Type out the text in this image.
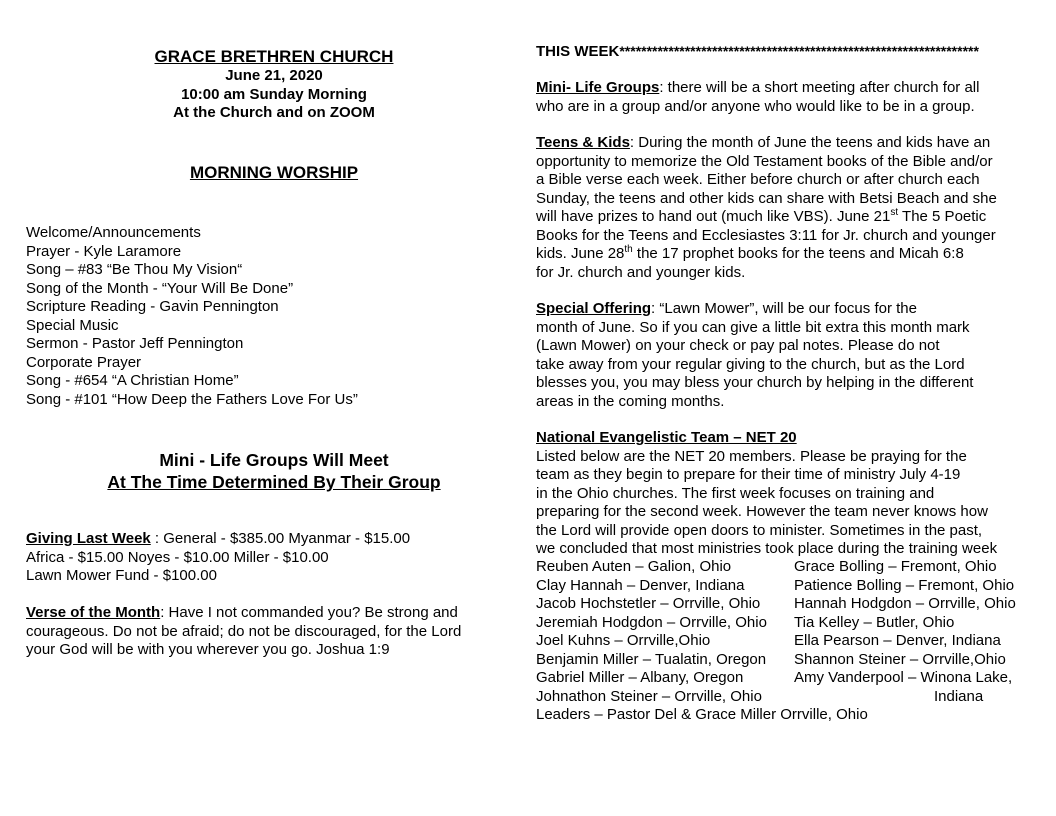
GRACE BRETHREN CHURCH
June 21, 2020
10:00 am Sunday Morning
At the Church and on ZOOM
MORNING WORSHIP
Welcome/Announcements
Prayer - Kyle Laramore
Song – #83 “Be Thou My Vision“
Song of the Month - “Your Will Be Done”
Scripture Reading - Gavin Pennington
Special Music
Sermon - Pastor Jeff Pennington
Corporate Prayer
Song - #654 “A Christian Home”
Song - #101 “How Deep the Fathers Love For Us”
Mini - Life Groups Will Meet
At The Time Determined By Their Group
Giving Last Week : General - $385.00 Myanmar - $15.00
Africa - $15.00 Noyes - $10.00 Miller - $10.00
Lawn Mower Fund - $100.00
Verse of the Month: Have I not commanded you? Be strong and
courageous. Do not be afraid; do not be discouraged, for the Lord
your God will be with you wherever you go. Joshua 1:9
THIS WEEK******************************************************************
Mini- Life Groups: there will be a short meeting after church for all
who are in a group and/or anyone who would like to be in a group.
Teens & Kids: During the month of June the teens and kids have an
opportunity to memorize the Old Testament books of the Bible and/or
a Bible verse each week. Either before church or after church each
Sunday, the teens and other kids can share with Betsi Beach and she
will have prizes to hand out (much like VBS). June 21st The 5 Poetic
Books for the Teens and Ecclesiastes 3:11 for Jr. church and younger
kids. June 28th the 17 prophet books for the teens and Micah 6:8
for Jr. church and younger kids.
Special Offering: “Lawn Mower”, will be our focus for the
month of June. So if you can give a little bit extra this month mark
(Lawn Mower) on your check or pay pal notes. Please do not
take away from your regular giving to the church, but as the Lord
blesses you, you may bless your church by helping in the different
areas in the coming months.
National Evangelistic Team – NET 20
Listed below are the NET 20 members. Please be praying for the
team as they begin to prepare for their time of ministry July 4-19
in the Ohio churches. The first week focuses on training and
preparing for the second week. However the team never knows how
the Lord will provide open doors to minister. Sometimes in the past,
we concluded that most ministries took place during the training week
Reuben Auten – Galion, Ohio	Grace Bolling – Fremont, Ohio
Clay Hannah – Denver, Indiana	Patience Bolling – Fremont, Ohio
Jacob Hochstetler – Orrville, Ohio	Hannah Hodgdon – Orrville, Ohio
Jeremiah Hodgdon – Orrville, Ohio	Tia Kelley – Butler, Ohio
Joel Kuhns – Orrville,Ohio	Ella Pearson – Denver, Indiana
Benjamin Miller – Tualatin, Oregon	Shannon Steiner – Orrville,Ohio
Gabriel Miller – Albany, Oregon	Amy Vanderpool – Winona Lake,
Johnathon Steiner – Orrville, Ohio	Indiana
Leaders – Pastor Del & Grace Miller Orrville, Ohio
